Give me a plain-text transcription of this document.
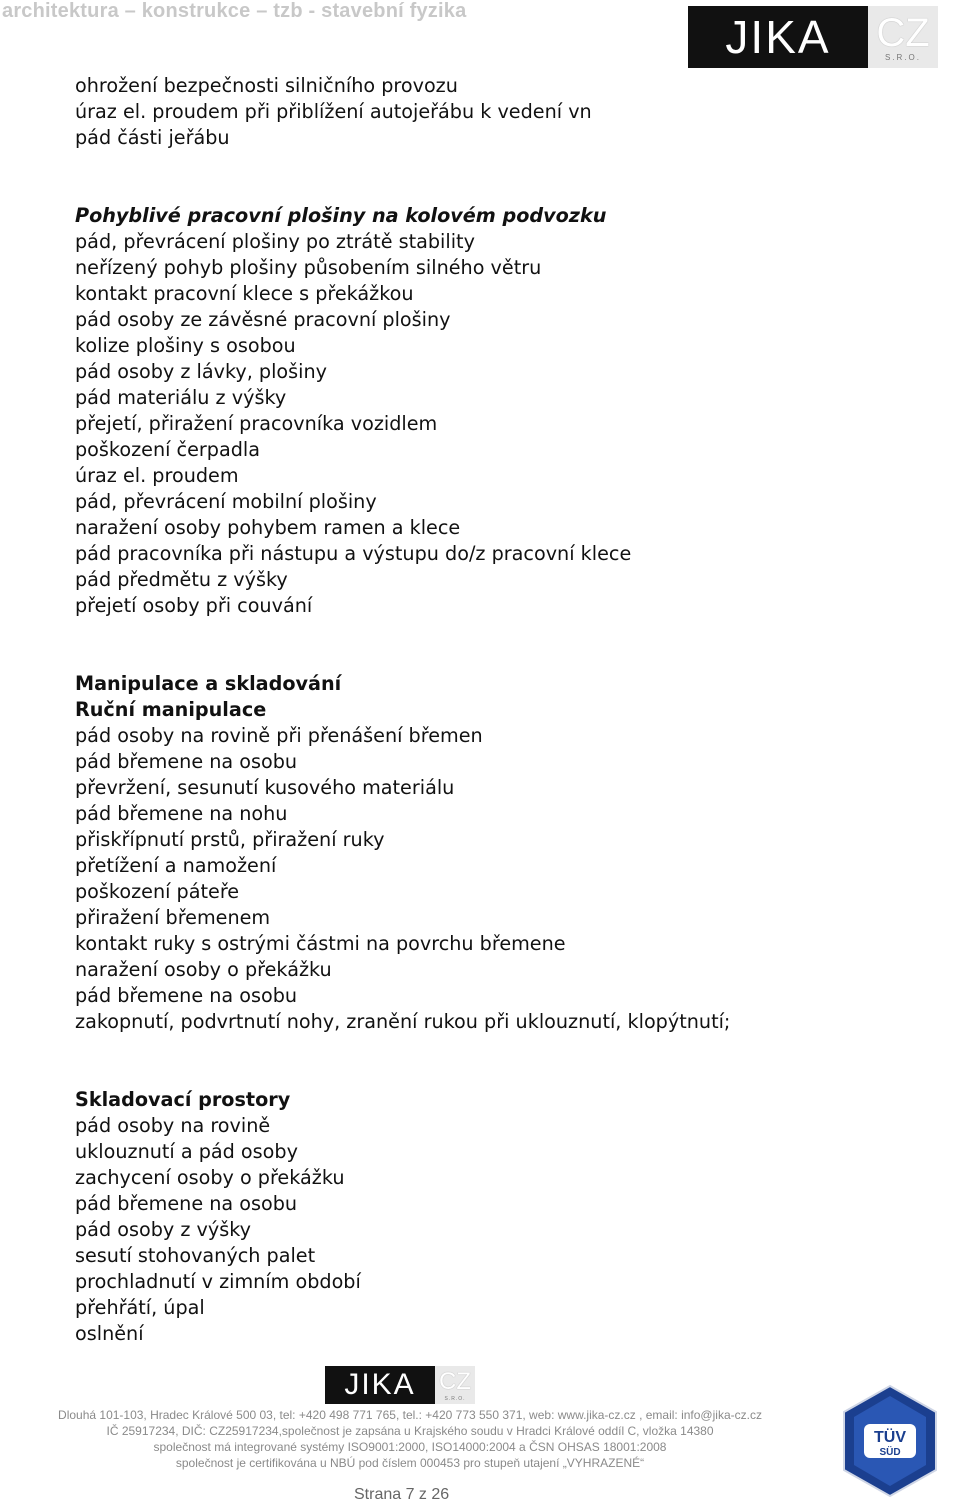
architektura – konstrukce – tzb - stavební fyzika	JIKA	CZ
S.R.O.
ohrožení bezpečnosti silničního provozu
úraz el. proudem při přiblížení autojeřábu k vedení vn
pád části jeřábu
Pohyblivé pracovní plošiny na kolovém podvozku
pád, převrácení plošiny po ztrátě stability
neřízený pohyb plošiny působením silného větru
kontakt pracovní klece s překážkou
pád osoby ze závěsné pracovní plošiny
kolize plošiny s osobou
pád osoby z lávky, plošiny
pád materiálu z výšky
přejetí, přiražení pracovníka vozidlem
poškození čerpadla
úraz el. proudem
pád, převrácení mobilní plošiny
naražení osoby pohybem ramen a klece
pád pracovníka při nástupu a výstupu do/z pracovní klece
pád předmětu z výšky
přejetí osoby při couvání
Manipulace a skladování
Ruční manipulace
pád osoby na rovině při přenášení břemen
pád břemene na osobu
převržení, sesunutí kusového materiálu
pád břemene na nohu
přiskřípnutí prstů, přiražení ruky
přetížení a namožení
poškození páteře
přiražení břemenem
kontakt ruky s ostrými částmi na povrchu břemene
naražení osoby o překážku
pád břemene na osobu
zakopnutí, podvrtnutí nohy, zranění rukou při uklouznutí, klopýtnutí;
Skladovací prostory
pád osoby na rovině
uklouznutí a pád osoby
zachycení osoby o překážku
pád břemene na osobu
pád osoby z výšky
sesutí stohovaných palet
prochladnutí v zimním období
přehřátí, úpal
oslnění
JIKA CZ
S.R.O.
Dlouhá 101-103, Hradec Králové 500 03, tel: +420 498 771 765, tel.: +420 773 550 371, web: www.jika-cz.cz , email: info@jika-cz.cz
IČ 25917234, DIČ: CZ25917234,společnost je zapsána u Krajského soudu v Hradci Králové oddíl C, vložka 14380
společnost má integrované systémy ISO9001:2000, ISO14000:2004 a ČSN OHSAS 18001:2008
společnost je certifikována u NBÚ pod číslem 000453 pro stupeň utajení „VYHRAZENÉ“
Strana 7 z 26
TÜV
SÜD
